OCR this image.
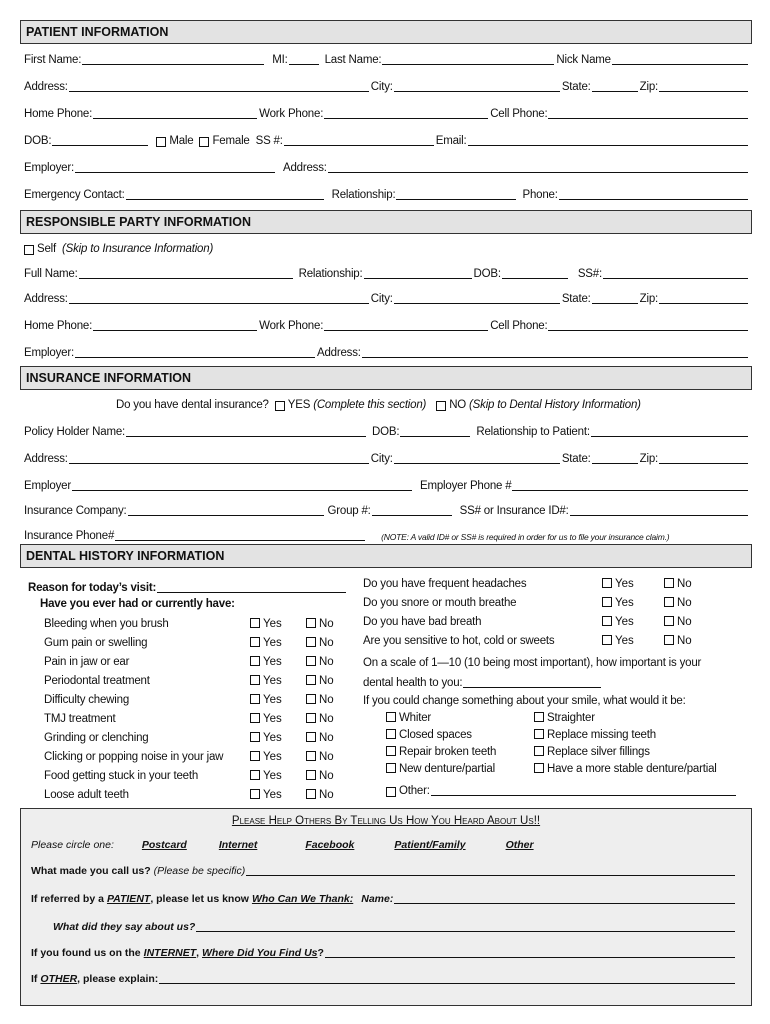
PATIENT INFORMATION
First Name:	MI:	Last Name:	Nick Name
Address:	City:	State:	Zip:
Home Phone:	Work Phone:	Cell Phone:
DOB:	Male Female SS #:	Email:
Employer:	Address:
Emergency Contact:	Relationship:	Phone:
RESPONSIBLE PARTY INFORMATION
Self (Skip to Insurance Information)
Full Name:	Relationship:	DOB:	SS#:
Address:	City:	State:	Zip:
Home Phone:	Work Phone:	Cell Phone:
Employer:	Address:
INSURANCE INFORMATION
Do you have dental insurance? YES (Complete this section) NO (Skip to Dental History Information)
Policy Holder Name:	DOB:	Relationship to Patient:
Address:	City:	State:	Zip:
Employer	Employer Phone #
Insurance Company:	Group #:	SS# or Insurance ID#:
Insurance Phone#	(NOTE: A valid ID# or SS# is required in order for us to file your insurance claim.)
DENTAL HISTORY INFORMATION
Reason for today’s visit:
Have you ever had or currently have:
Bleeding when you brush	Yes	No
Gum pain or swelling	Yes	No
Pain in jaw or ear	Yes	No
Periodontal treatment	Yes	No
Difficulty chewing	Yes	No
TMJ treatment	Yes	No
Grinding or clenching	Yes	No
Clicking or popping noise in your jaw	Yes	No
Food getting stuck in your teeth	Yes	No
Loose adult teeth	Yes	No
Do you have frequent headaches	Yes	No
Do you snore or mouth breathe	Yes	No
Do you have bad breath	Yes	No
Are you sensitive to hot, cold or sweets	Yes	No
On a scale of 1—10 (10 being most important), how important is your
dental health to you:
If you could change something about your smile, what would it be:
Whiter
Closed spaces
Repair broken teeth
New denture/partial
Straighter
Replace missing teeth
Replace silver fillings
Have a more stable denture/partial
Other:
Please Help Others By Telling Us How You Heard About Us!!
Please circle one:	Postcard	Internet	Facebook	Patient/Family	Other
What made you call us? (Please be specific)
If referred by a PATIENT , please let us know Who Can We Thank: Name:
What did they say about us?
If you found us on the INTERNET , Where Did You Find Us ?
If OTHER , please explain:
